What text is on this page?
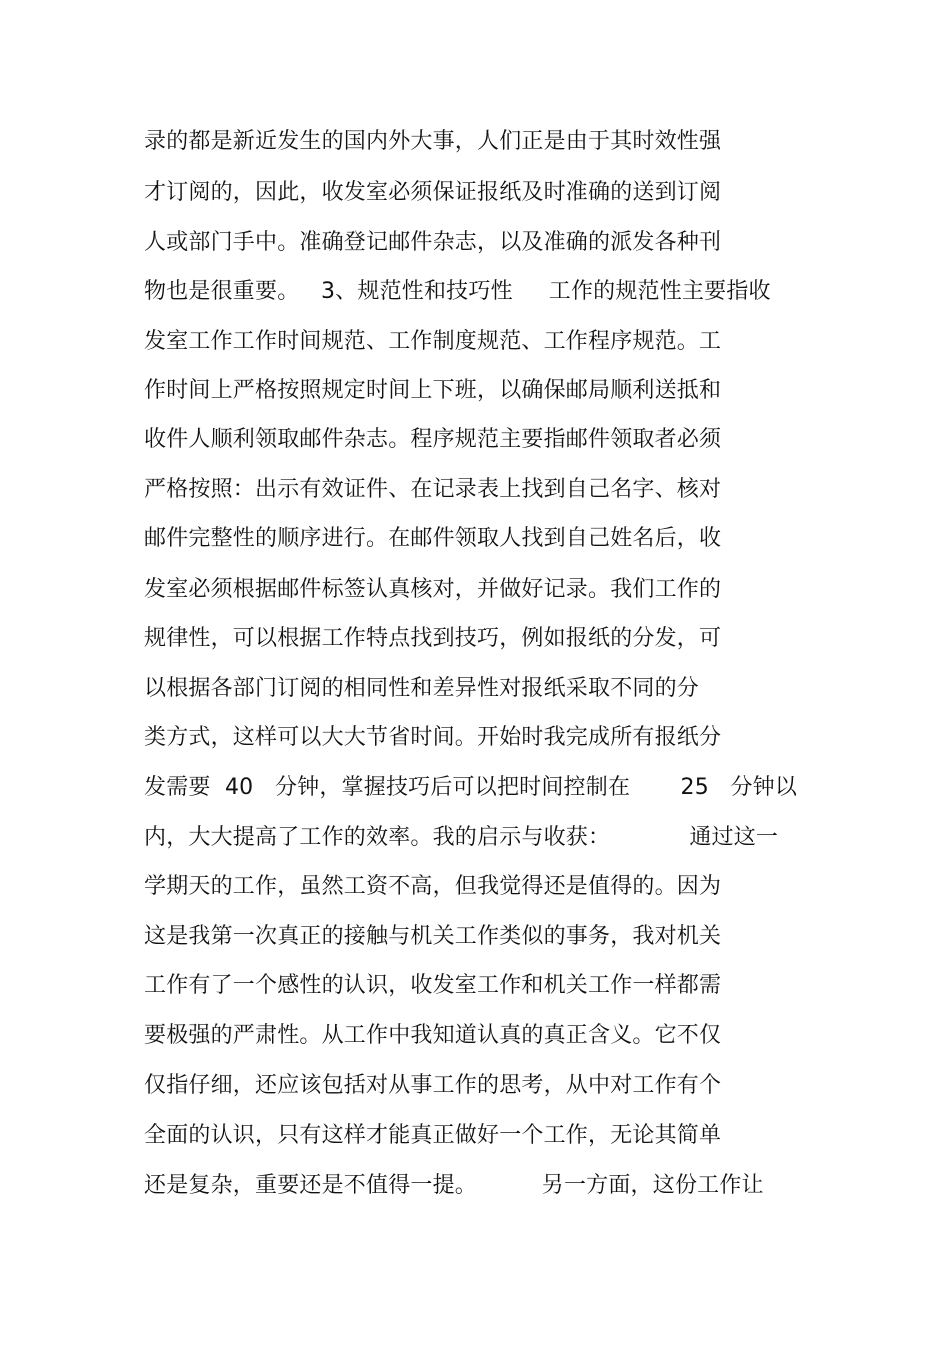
录的都是新近发生的国内外大事，人们正是由于其时效性强
才订阅的，因此，收发室必须保证报纸及时准确的送到订阅
人或部门手中。准确登记邮件杂志，以及准确的派发各种刊
物也是很重要。   3、规范性和技巧性     工作的规范性主要指收
发室工作工作时间规范、工作制度规范、工作程序规范。工
作时间上严格按照规定时间上下班，以确保邮局顺利送抵和
收件人顺利领取邮件杂志。程序规范主要指邮件领取者必须
严格按照：出示有效证件、在记录表上找到自己名字、核对
邮件完整性的顺序进行。在邮件领取人找到自己姓名后，收
发室必须根据邮件标签认真核对，并做好记录。我们工作的
规律性，可以根据工作特点找到技巧，例如报纸的分发，可
以根据各部门订阅的相同性和差异性对报纸采取不同的分
类方式，这样可以大大节省时间。开始时我完成所有报纸分
发需要  40   分钟，掌握技巧后可以把时间控制在       25   分钟以
内，大大提高了工作的效率。我的启示与收获：           通过这一
学期天的工作，虽然工资不高，但我觉得还是值得的。因为
这是我第一次真正的接触与机关工作类似的事务，我对机关
工作有了一个感性的认识，收发室工作和机关工作一样都需
要极强的严肃性。从工作中我知道认真的真正含义。它不仅
仅指仔细，还应该包括对从事工作的思考，从中对工作有个
全面的认识，只有这样才能真正做好一个工作，无论其简单
还是复杂，重要还是不值得一提。         另一方面，这份工作让
